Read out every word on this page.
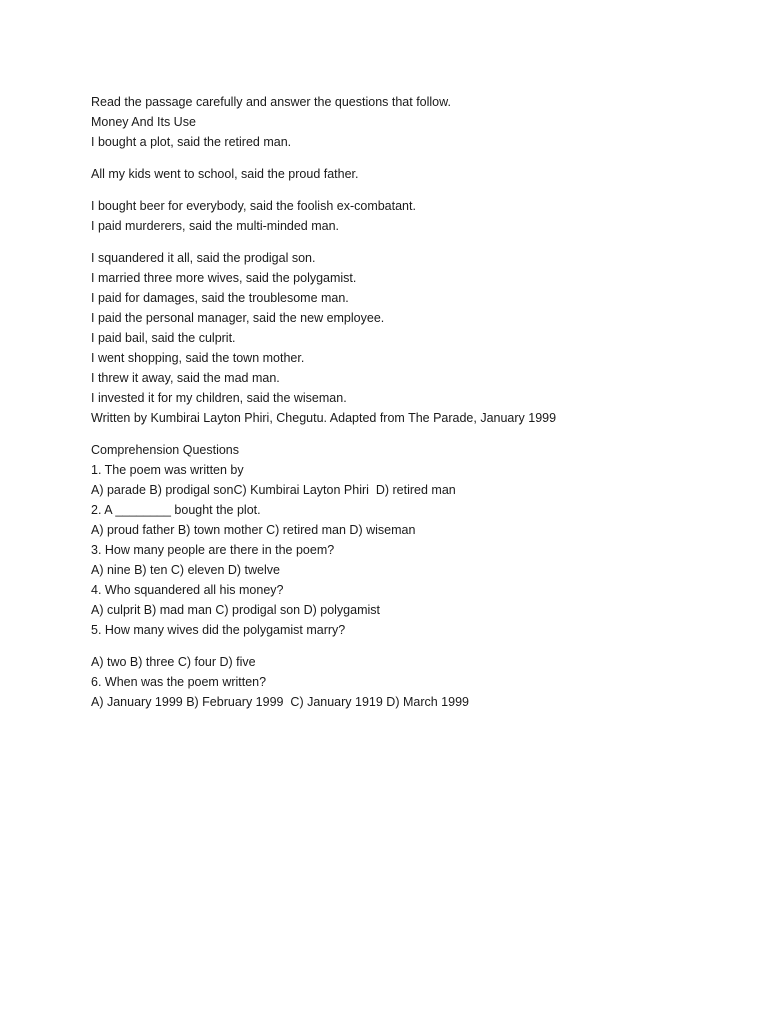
Read the passage carefully and answer the questions that follow.

Money And Its Use

I bought a plot, said the retired man.

All my kids went to school, said the proud father.

I bought beer for everybody, said the foolish ex-combatant.

I paid murderers, said the multi-minded man.

I squandered it all, said the prodigal son.

I married three more wives, said the polygamist.

I paid for damages, said the troublesome man.

I paid the personal manager, said the new employee.

I paid bail, said the culprit.

I went shopping, said the town mother.

I threw it away, said the mad man.

I invested it for my children, said the wiseman.

Written by Kumbirai Layton Phiri, Chegutu. Adapted from The Parade, January 1999

Comprehension Questions

1. The poem was written by

A) parade B) prodigal sonC) Kumbirai Layton Phiri  D) retired man

2. A ________ bought the plot.

A) proud father B) town mother C) retired man D) wiseman

3. How many people are there in the poem?

A) nine B) ten C) eleven D) twelve

4. Who squandered all his money?

A) culprit B) mad man C) prodigal son D) polygamist

5. How many wives did the polygamist marry?

A) two B) three C) four D) five

6. When was the poem written?

A) January 1999 B) February 1999  C) January 1919 D) March 1999
